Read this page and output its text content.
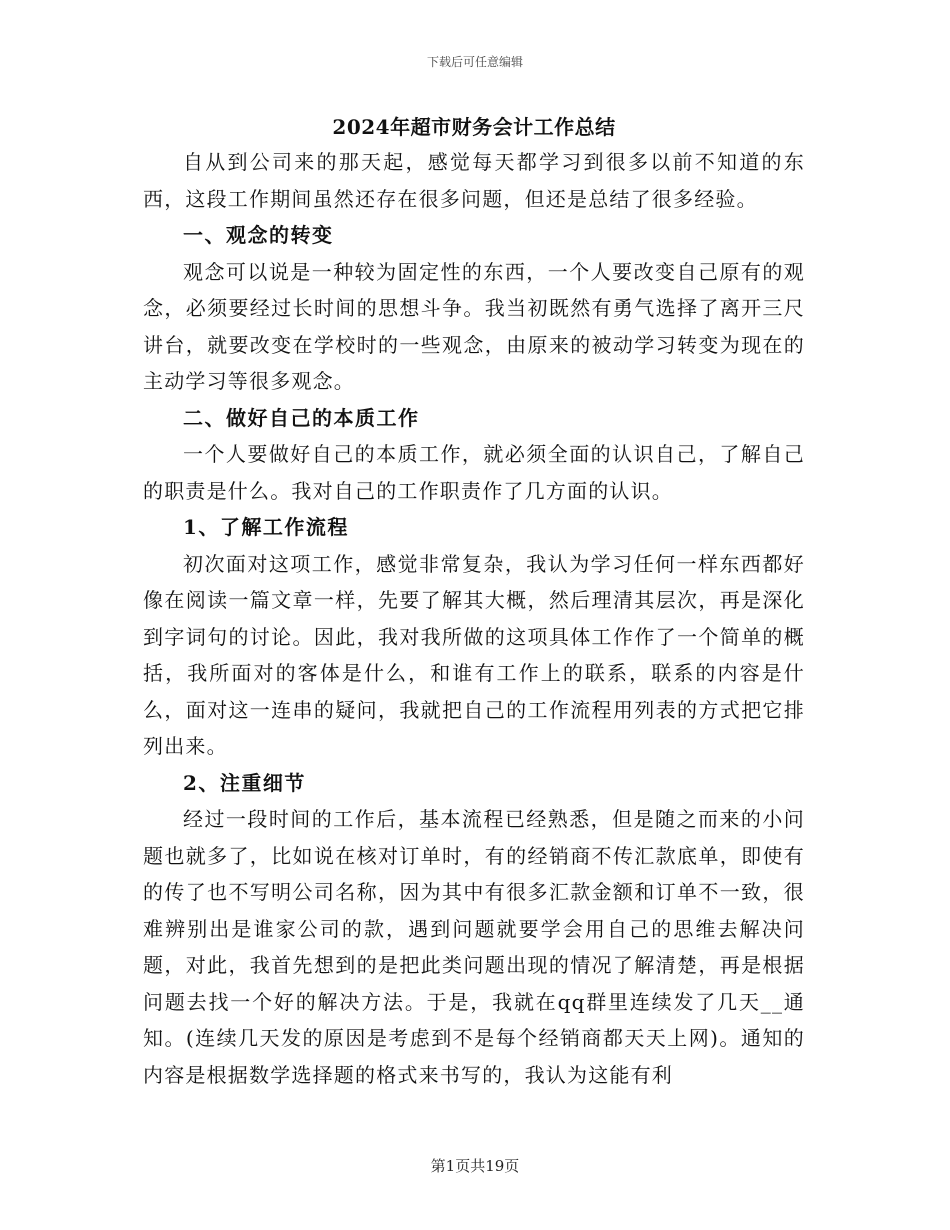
下载后可任意编辑
2024年超市财务会计工作总结

自从到公司来的那天起，感觉每天都学习到很多以前不知道的东西，这段工作期间虽然还存在很多问题，但还是总结了很多经验。

一、观念的转变

观念可以说是一种较为固定性的东西，一个人要改变自己原有的观念，必须要经过长时间的思想斗争。我当初既然有勇气选择了离开三尺讲台，就要改变在学校时的一些观念，由原来的被动学习转变为现在的主动学习等很多观念。

二、做好自己的本质工作

一个人要做好自己的本质工作，就必须全面的认识自己，了解自己的职责是什么。我对自己的工作职责作了几方面的认识。

1、了解工作流程

初次面对这项工作，感觉非常复杂，我认为学习任何一样东西都好像在阅读一篇文章一样，先要了解其大概，然后理清其层次，再是深化到字词句的讨论。因此，我对我所做的这项具体工作作了一个简单的概括，我所面对的客体是什么，和谁有工作上的联系，联系的内容是什么，面对这一连串的疑问，我就把自己的工作流程用列表的方式把它排列出来。

2、注重细节

经过一段时间的工作后，基本流程已经熟悉，但是随之而来的小问题也就多了，比如说在核对订单时，有的经销商不传汇款底单，即使有的传了也不写明公司名称，因为其中有很多汇款金额和订单不一致，很难辨别出是谁家公司的款，遇到问题就要学会用自己的思维去解决问题，对此，我首先想到的是把此类问题出现的情况了解清楚，再是根据问题去找一个好的解决方法。于是，我就在qq群里连续发了几天__通知。(连续几天发的原因是考虑到不是每个经销商都天天上网)。通知的内容是根据数学选择题的格式来书写的，我认为这能有利

第1页共19页
